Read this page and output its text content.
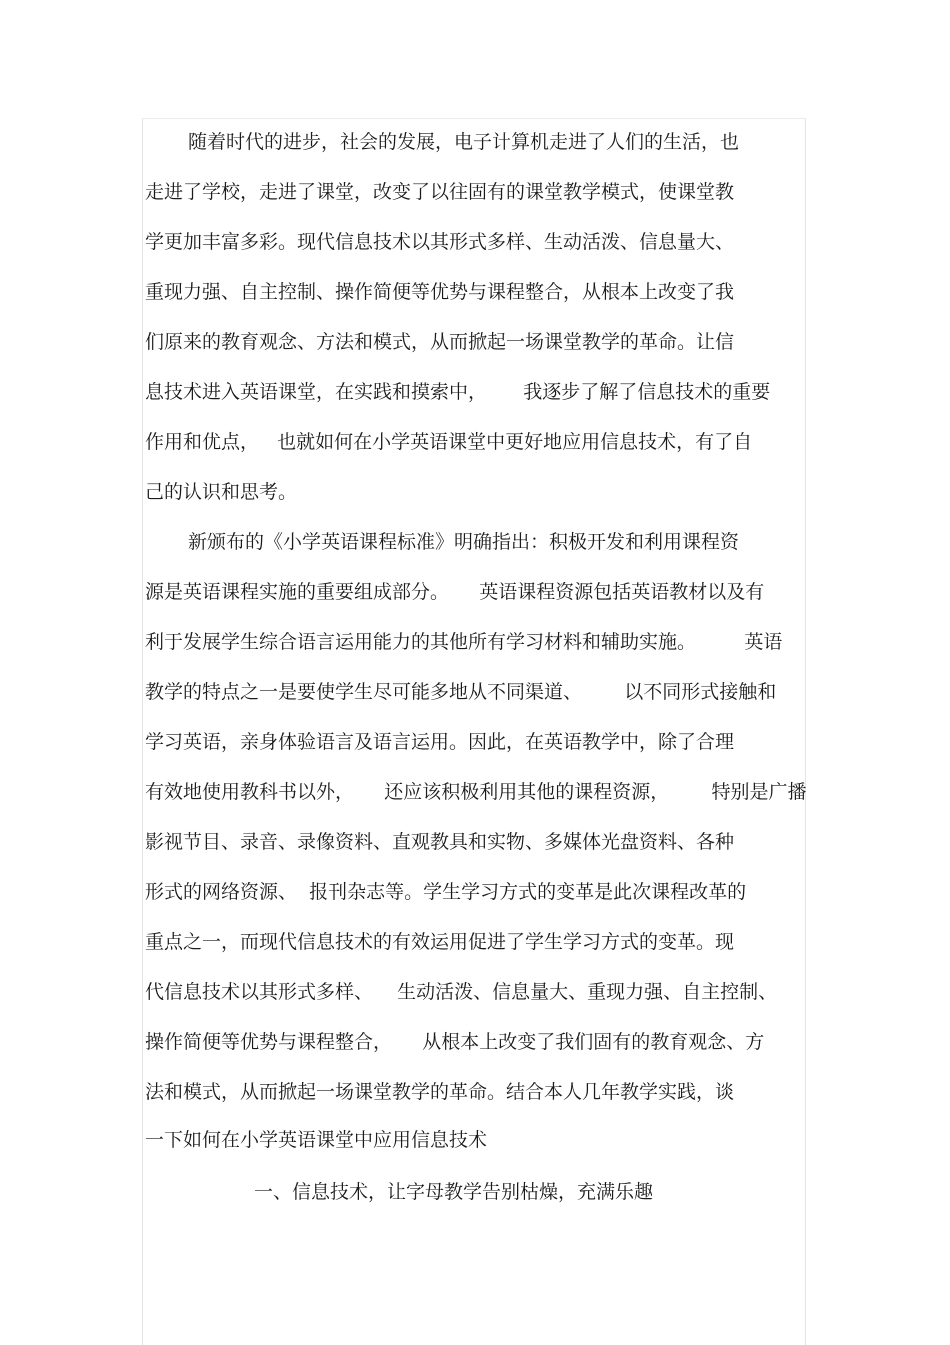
随着时代的进步，社会的发展，电子计算机走进了人们的生活，也
走进了学校，走进了课堂，改变了以往固有的课堂教学模式，使课堂教
学更加丰富多彩。现代信息技术以其形式多样、生动活泼、信息量大、
重现力强、自主控制、操作简便等优势与课程整合，从根本上改变了我
们原来的教育观念、方法和模式，从而掀起一场课堂教学的革命。让信
息技术进入英语课堂，在实践和摸索中，      我逐步了解了信息技术的重要
作用和优点，   也就如何在小学英语课堂中更好地应用信息技术，有了自
己的认识和思考。
新颁布的《小学英语课程标准》明确指出：积极开发和利用课程资
源是英语课程实施的重要组成部分。     英语课程资源包括英语教材以及有
利于发展学生综合语言运用能力的其他所有学习材料和辅助实施。        英语
教学的特点之一是要使学生尽可能多地从不同渠道、       以不同形式接触和
学习英语，亲身体验语言及语言运用。因此，在英语教学中，除了合理
有效地使用教科书以外，     还应该积极利用其他的课程资源，       特别是广播
影视节目、录音、录像资料、直观教具和实物、多媒体光盘资料、各种
形式的网络资源、  报刊杂志等。学生学习方式的变革是此次课程改革的
重点之一，而现代信息技术的有效运用促进了学生学习方式的变革。现
代信息技术以其形式多样、    生动活泼、信息量大、重现力强、自主控制、
操作简便等优势与课程整合，     从根本上改变了我们固有的教育观念、方
法和模式，从而掀起一场课堂教学的革命。结合本人几年教学实践，谈
一下如何在小学英语课堂中应用信息技术
一、信息技术，让字母教学告别枯燥，充满乐趣
